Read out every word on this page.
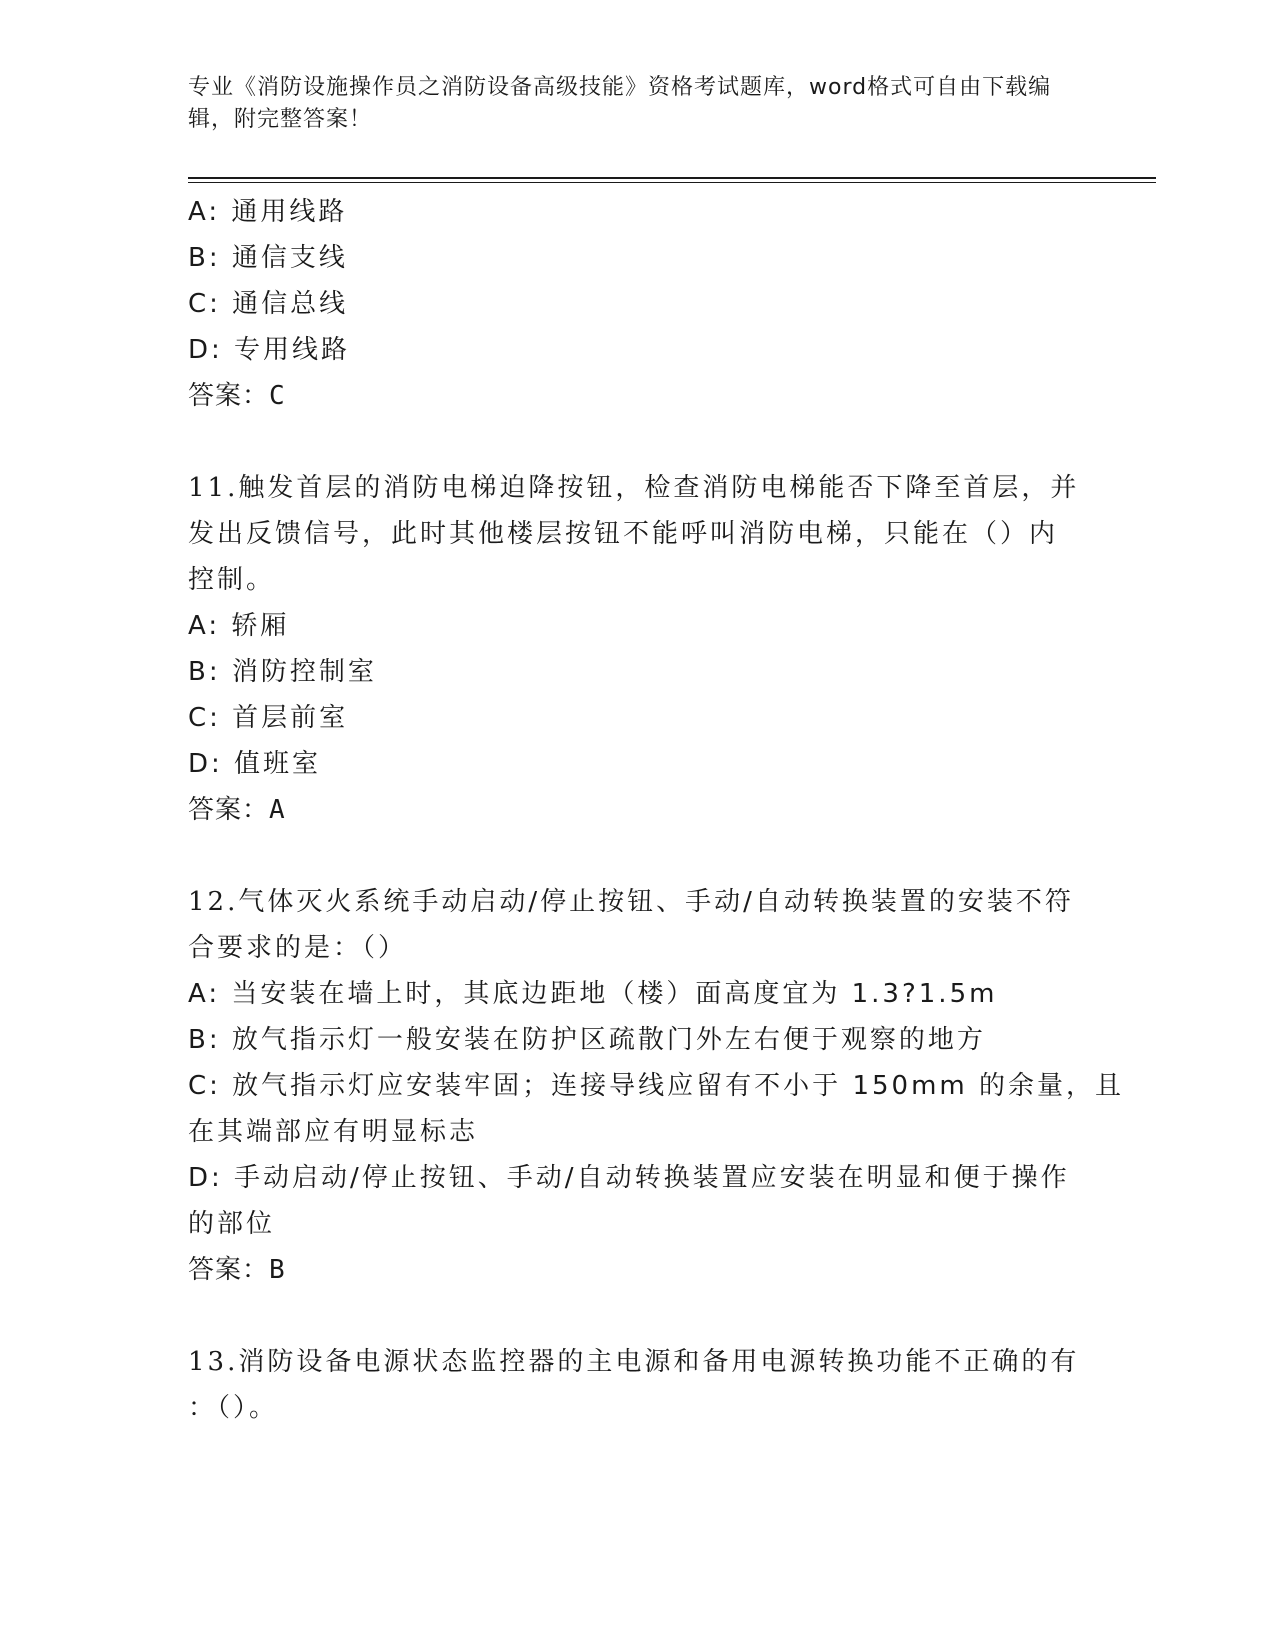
专业《消防设施操作员之消防设备高级技能》资格考试题库，word格式可自由下载编辑，附完整答案！
A: 通用线路
B: 通信支线
C: 通信总线
D: 专用线路
答案：C
11.触发首层的消防电梯迫降按钮，检查消防电梯能否下降至首层，并
发出反馈信号，此时其他楼层按钮不能呼叫消防电梯，只能在（）内
控制。
A: 轿厢
B: 消防控制室
C: 首层前室
D: 值班室
答案：A
12.气体灭火系统手动启动/停止按钮、手动/自动转换装置的安装不符
合要求的是：（）
A: 当安装在墙上时，其底边距地（楼）面高度宜为 1.3?1.5m
B: 放气指示灯一般安装在防护区疏散门外左右便于观察的地方
C: 放气指示灯应安装牢固；连接导线应留有不小于 150mm 的余量，且
在其端部应有明显标志
D: 手动启动/停止按钮、手动/自动转换装置应安装在明显和便于操作
的部位
答案：B
13.消防设备电源状态监控器的主电源和备用电源转换功能不正确的有
：（）。
